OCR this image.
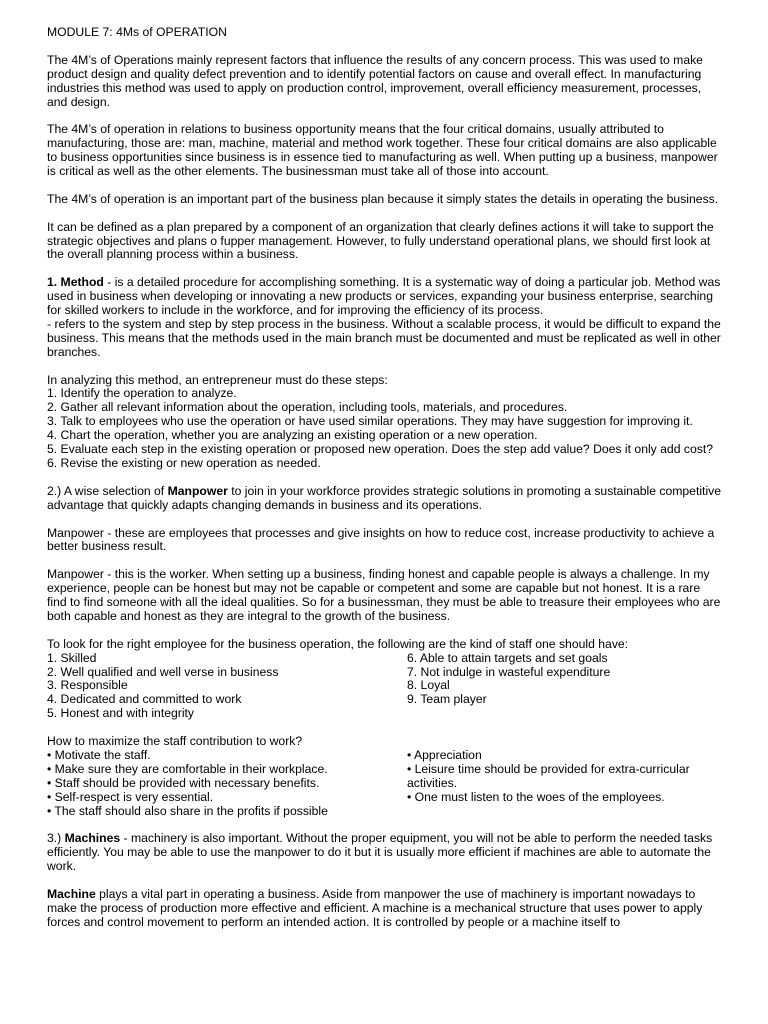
MODULE 7: 4Ms of OPERATION

The 4M’s of Operations mainly represent factors that influence the results of any concern process. This was used to make product design and quality defect prevention and to identify potential factors on cause and overall effect. In manufacturing industries this method was used to apply on production control, improvement, overall efficiency measurement, processes, and design.

The 4M’s of operation in relations to business opportunity means that the four critical domains, usually attributed to manufacturing, those are: man, machine, material and method work together. These four critical domains are also applicable to business opportunities since business is in essence tied to manufacturing as well. When putting up a business, manpower is critical as well as the other elements. The businessman must take all of those into account.

The 4M’s of operation is an important part of the business plan because it simply states the details in operating the business.

It can be defined as a plan prepared by a component of an organization that clearly defines actions it will take to support the strategic objectives and plans o fupper management. However, to fully understand operational plans, we should first look at the overall planning process within a business.

1. Method - is a detailed procedure for accomplishing something. It is a systematic way of doing a particular job. Method was used in business when developing or innovating a new products or services, expanding your business enterprise, searching for skilled workers to include in the workforce, and for improving the efficiency of its process.
- refers to the system and step by step process in the business. Without a scalable process, it would be difficult to expand the business. This means that the methods used in the main branch must be documented and must be replicated as well in other branches.
In analyzing this method, an entrepreneur must do these steps:
1. Identify the operation to analyze.
2. Gather all relevant information about the operation, including tools, materials, and procedures.
3. Talk to employees who use the operation or have used similar operations. They may have suggestion for improving it.
4. Chart the operation, whether you are analyzing an existing operation or a new operation.
5. Evaluate each step in the existing operation or proposed new operation. Does the step add value? Does it only add cost?
6. Revise the existing or new operation as needed.

2.) A wise selection of Manpower to join in your workforce provides strategic solutions in promoting a sustainable competitive advantage that quickly adapts changing demands in business and its operations.

Manpower - these are employees that processes and give insights on how to reduce cost, increase productivity to achieve a better business result.

Manpower - this is the worker. When setting up a business, finding honest and capable people is always a challenge. In my experience, people can be honest but may not be capable or competent and some are capable but not honest. It is a rare find to find someone with all the ideal qualities. So for a businessman, they must be able to treasure their employees who are both capable and honest as they are integral to the growth of the business.

To look for the right employee for the business operation, the following are the kind of staff one should have:
1. Skilled
2. Well qualified and well verse in business
3. Responsible
4. Dedicated and committed to work
5. Honest and with integrity
6. Able to attain targets and set goals
7. Not indulge in wasteful expenditure
8. Loyal
9. Team player
How to maximize the staff contribution to work?
• Motivate the staff.
• Make sure they are comfortable in their workplace.
• Staff should be provided with necessary benefits.
• Self-respect is very essential.
• The staff should also share in the profits if possible
• Appreciation
• Leisure time should be provided for extra-curricular activities.
• One must listen to the woes of the employees.

3.) Machines - machinery is also important. Without the proper equipment, you will not be able to perform the needed tasks efficiently. You may be able to use the manpower to do it but it is usually more efficient if machines are able to automate the work.

Machine plays a vital part in operating a business. Aside from manpower the use of machinery is important nowadays to make the process of production more effective and efficient. A machine is a mechanical structure that uses power to apply forces and control movement to perform an intended action. It is controlled by people or a machine itself to
